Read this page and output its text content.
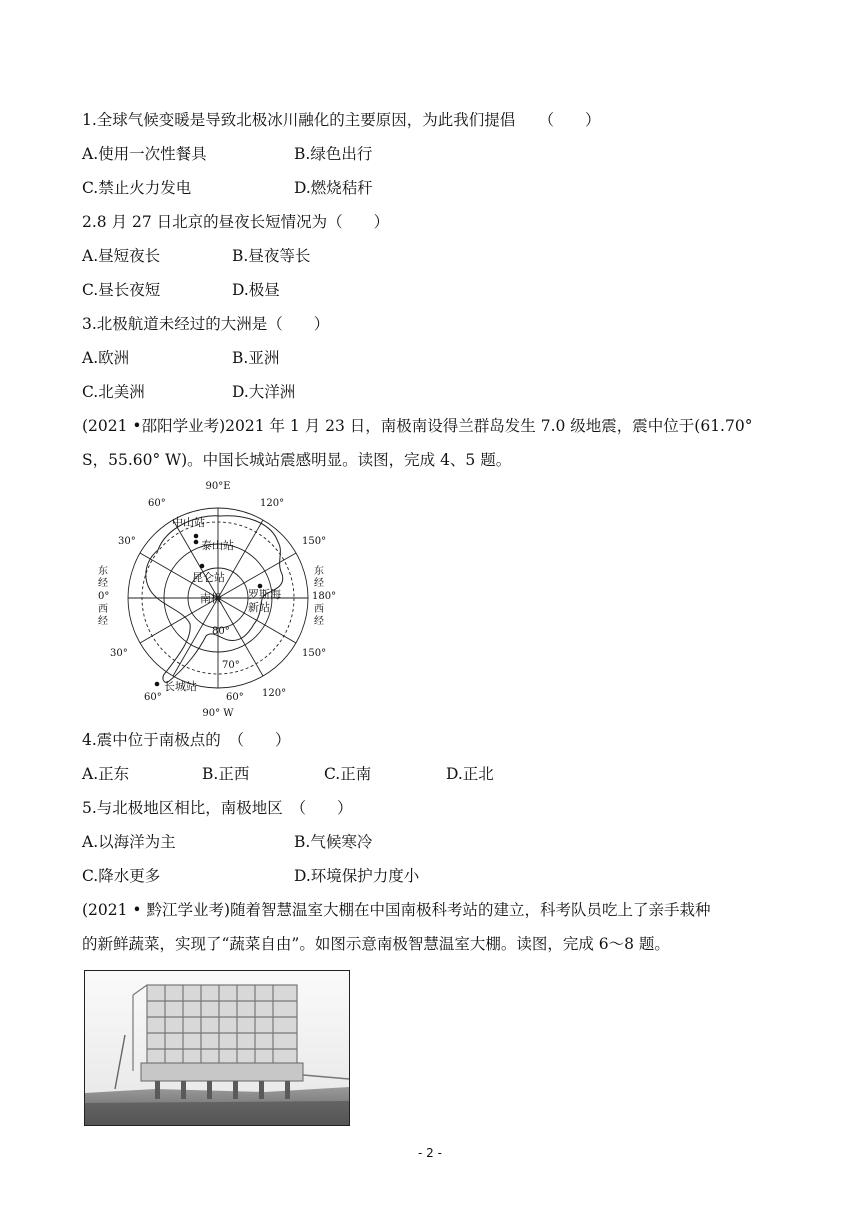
1.全球气候变暖是导致北极冰川融化的主要原因，为此我们提倡　　（　　）
A.使用一次性餐具	B.绿色出行
C.禁止火力发电	D.燃烧秸秆
2.8 月 27 日北京的昼夜长短情况为（　　）
A.昼短夜长	B.昼夜等长
C.昼长夜短	D.极昼
3.北极航道未经过的大洲是（　　）
A.欧洲	B.亚洲
C.北美洲	D.大洋洲
(2021 •邵阳学业考)2021 年 1 月 23 日，南极南设得兰群岛发生 7.0 级地震，震中位于(61.70°
S，55.60° W)。中国长城站震感明显。读图，完成 4、5 题。
90°E
60°	120°
30°	150°
东
经
0°
西
经
东
经
180°
西
经
30°	150°
60°	120°
60°
90° W
80°
70°
中山站
泰山站
昆仑站
南极 罗斯海
新站
长城站
4.震中位于南极点的　（　　）
A.正东	B.正西	C.正南	D.正北
5.与北极地区相比，南极地区　（　　）
A.以海洋为主	B.气候寒冷
C.降水更多	D.环境保护力度小
(2021 • 黔江学业考)随着智慧温室大棚在中国南极科考站的建立，科考队员吃上了亲手栽种
的新鲜蔬菜，实现了“蔬菜自由”。如图示意南极智慧温室大棚。读图，完成 6～8 题。
- 2 -
